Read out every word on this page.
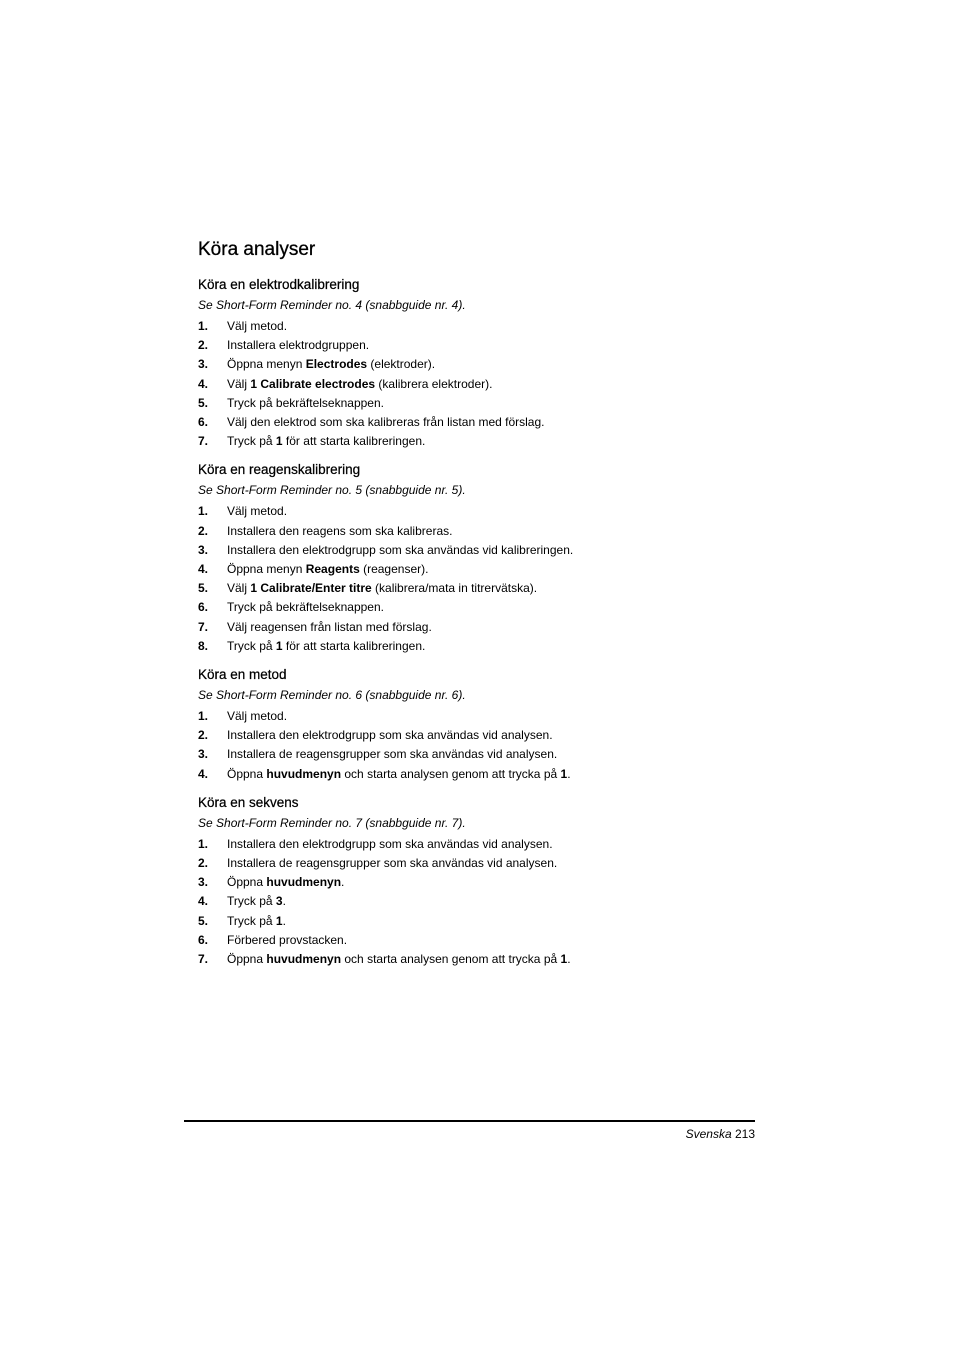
Köra analyser
Köra en elektrodkalibrering
Se Short-Form Reminder no. 4 (snabbguide nr. 4).
1. Välj metod.
2. Installera elektrodgruppen.
3. Öppna menyn Electrodes (elektroder).
4. Välj 1 Calibrate electrodes (kalibrera elektroder).
5. Tryck på bekräftelseknappen.
6. Välj den elektrod som ska kalibreras från listan med förslag.
7. Tryck på 1 för att starta kalibreringen.
Köra en reagenskalibrering
Se Short-Form Reminder no. 5 (snabbguide nr. 5).
1. Välj metod.
2. Installera den reagens som ska kalibreras.
3. Installera den elektrodgrupp som ska användas vid kalibreringen.
4. Öppna menyn Reagents (reagenser).
5. Välj 1 Calibrate/Enter titre (kalibrera/mata in titrervätska).
6. Tryck på bekräftelseknappen.
7. Välj reagensen från listan med förslag.
8. Tryck på 1 för att starta kalibreringen.
Köra en metod
Se Short-Form Reminder no. 6 (snabbguide nr. 6).
1. Välj metod.
2. Installera den elektrodgrupp som ska användas vid analysen.
3. Installera de reagensgrupper som ska användas vid analysen.
4. Öppna huvudmenyn och starta analysen genom att trycka på 1.
Köra en sekvens
Se Short-Form Reminder no. 7 (snabbguide nr. 7).
1. Installera den elektrodgrupp som ska användas vid analysen.
2. Installera de reagensgrupper som ska användas vid analysen.
3. Öppna huvudmenyn.
4. Tryck på 3.
5. Tryck på 1.
6. Förbered provstacken.
7. Öppna huvudmenyn och starta analysen genom att trycka på 1.
Svenska 213
